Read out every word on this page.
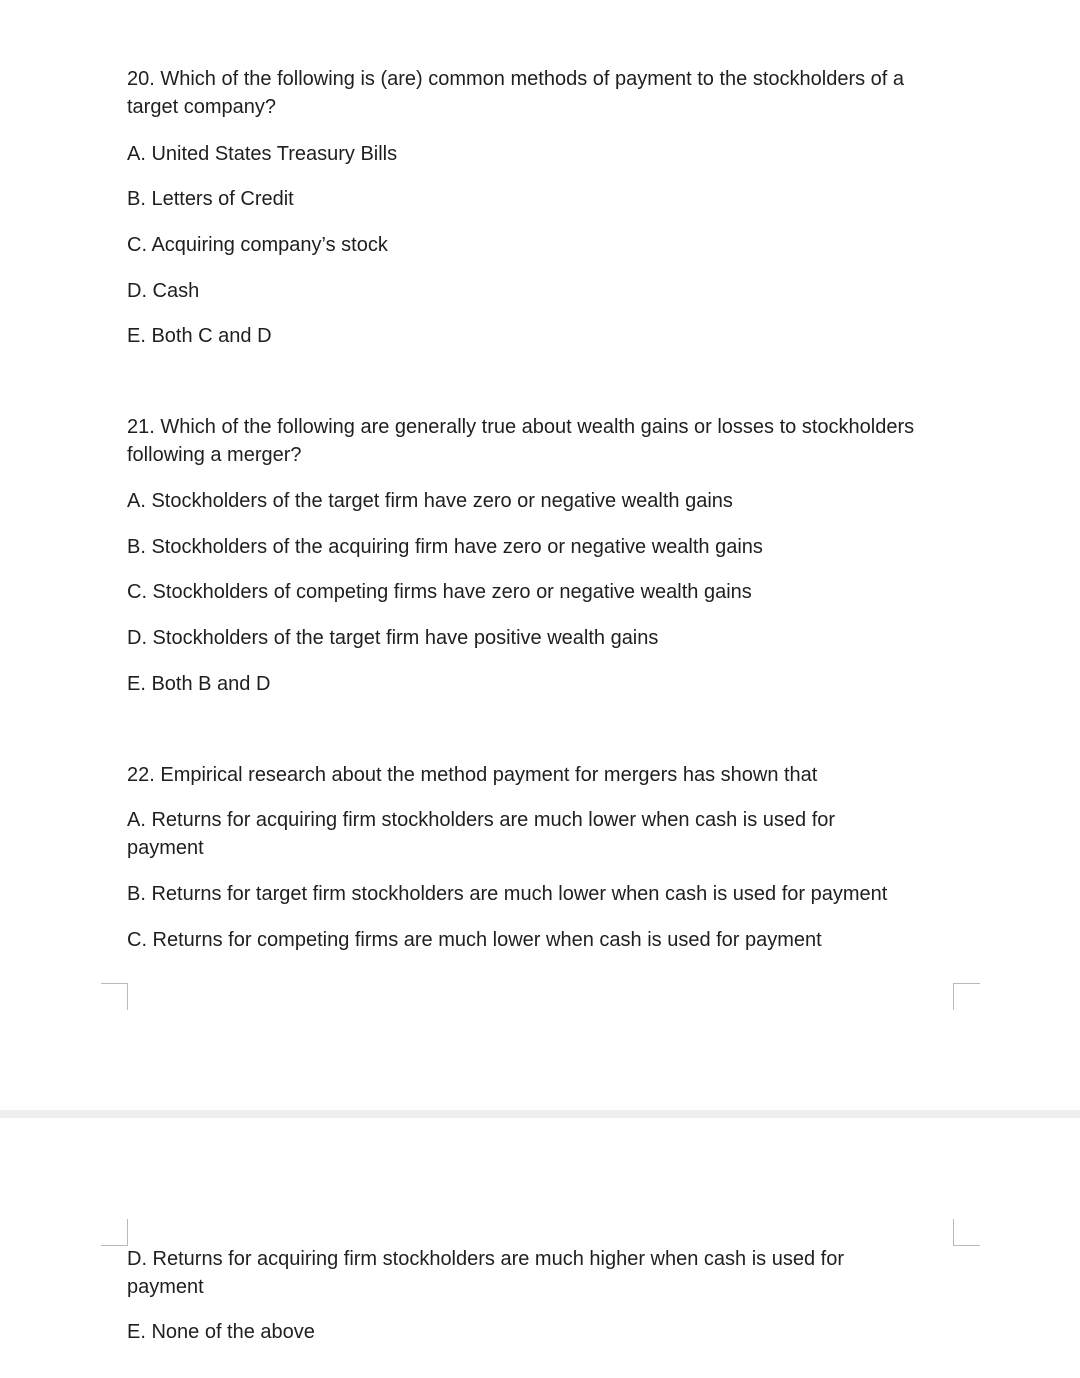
20. Which of the following is (are) common methods of payment to the stockholders of a target company?

A. United States Treasury Bills

B. Letters of Credit

C. Acquiring company’s stock

D. Cash

E. Both C and D

21. Which of the following are generally true about wealth gains or losses to stockholders following a merger?

A. Stockholders of the target firm have zero or negative wealth gains

B. Stockholders of the acquiring firm have zero or negative wealth gains

C. Stockholders of competing firms have zero or negative wealth gains

D. Stockholders of the target firm have positive wealth gains

E. Both B and D

22. Empirical research about the method payment for mergers has shown that

A. Returns for acquiring firm stockholders are much lower when cash is used for payment

B. Returns for target firm stockholders are much lower when cash is used for payment

C. Returns for competing firms are much lower when cash is used for payment

D. Returns for acquiring firm stockholders are much higher when cash is used for payment

E. None of the above
